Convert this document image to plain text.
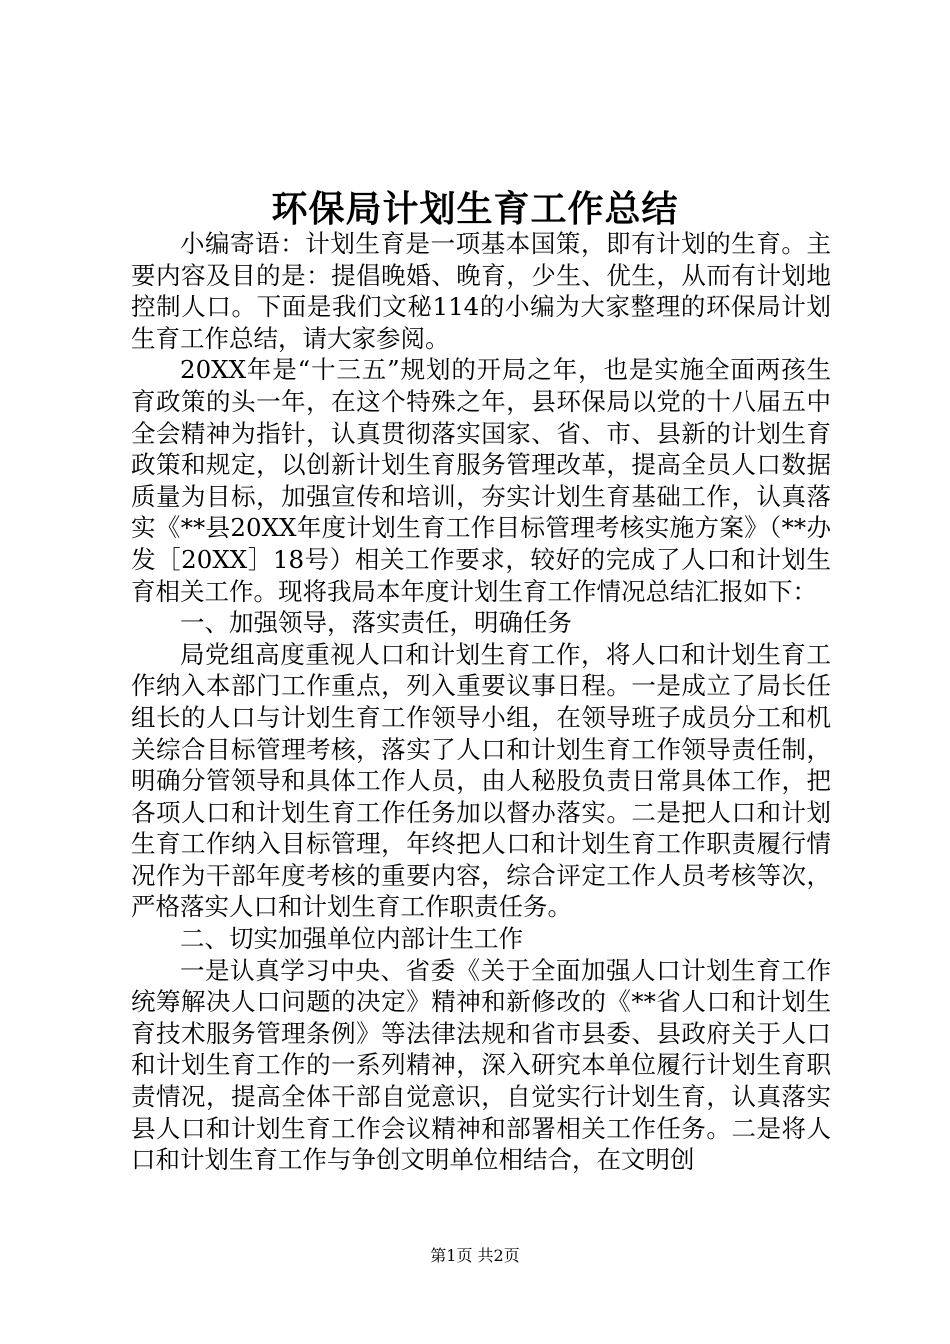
环保局计划生育工作总结

小编寄语：计划生育是一项基本国策，即有计划的生育。主要内容及目的是：提倡晚婚、晚育，少生、优生，从而有计划地控制人口。下面是我们文秘114的小编为大家整理的环保局计划生育工作总结，请大家参阅。

20XX年是“十三五”规划的开局之年，也是实施全面两孩生育政策的头一年，在这个特殊之年，县环保局以党的十八届五中全会精神为指针，认真贯彻落实国家、省、市、县新的计划生育政策和规定，以创新计划生育服务管理改革，提高全员人口数据质量为目标，加强宣传和培训，夯实计划生育基础工作，认真落实《**县20XX年度计划生育工作目标管理考核实施方案》（**办发［20XX］18号）相关工作要求，较好的完成了人口和计划生育相关工作。现将我局本年度计划生育工作情况总结汇报如下：

一、加强领导，落实责任，明确任务

局党组高度重视人口和计划生育工作，将人口和计划生育工作纳入本部门工作重点，列入重要议事日程。一是成立了局长任组长的人口与计划生育工作领导小组，在领导班子成员分工和机关综合目标管理考核，落实了人口和计划生育工作领导责任制，明确分管领导和具体工作人员，由人秘股负责日常具体工作，把各项人口和计划生育工作任务加以督办落实。二是把人口和计划生育工作纳入目标管理，年终把人口和计划生育工作职责履行情况作为干部年度考核的重要内容，综合评定工作人员考核等次，严格落实人口和计划生育工作职责任务。

二、切实加强单位内部计生工作

一是认真学习中央、省委《关于全面加强人口计划生育工作统筹解决人口问题的决定》精神和新修改的《**省人口和计划生育技术服务管理条例》等法律法规和省市县委、县政府关于人口和计划生育工作的一系列精神，深入研究本单位履行计划生育职责情况，提高全体干部自觉意识，自觉实行计划生育，认真落实县人口和计划生育工作会议精神和部署相关工作任务。二是将人口和计划生育工作与争创文明单位相结合，在文明创

第1页 共2页
